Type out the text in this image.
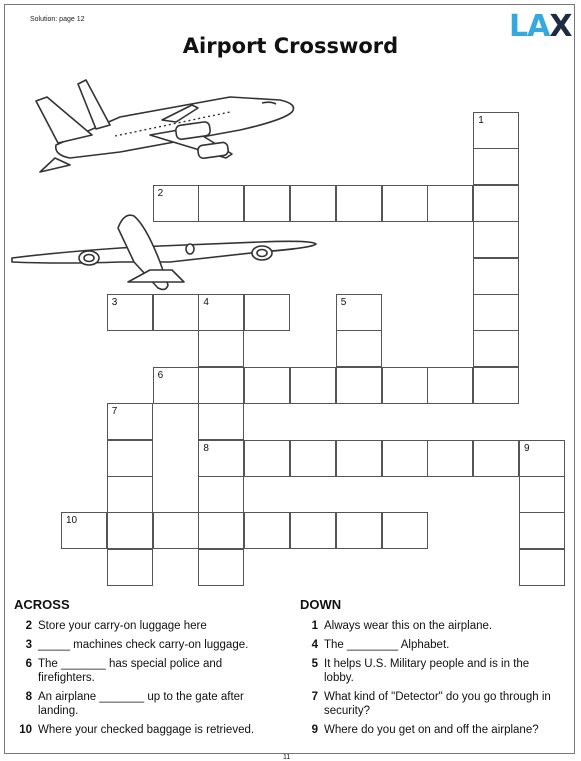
Solution: page 12	LAX
Airport Crossword
2
3	4
6
8	9
10
1
5
7
ACROSS
2 Store your carry-on luggage here
3 _____ machines check carry-on luggage.
6 The _______ has special police and firefighters.
8 An airplane _______ up to the gate after landing.
10 Where your checked baggage is retrieved.
DOWN
1 Always wear this on the airplane.
4 The ________ Alphabet.
5 It helps U.S. Military people and is in the lobby.
7 What kind of "Detector" do you go through in security?
9 Where do you get on and off the airplane?
11
